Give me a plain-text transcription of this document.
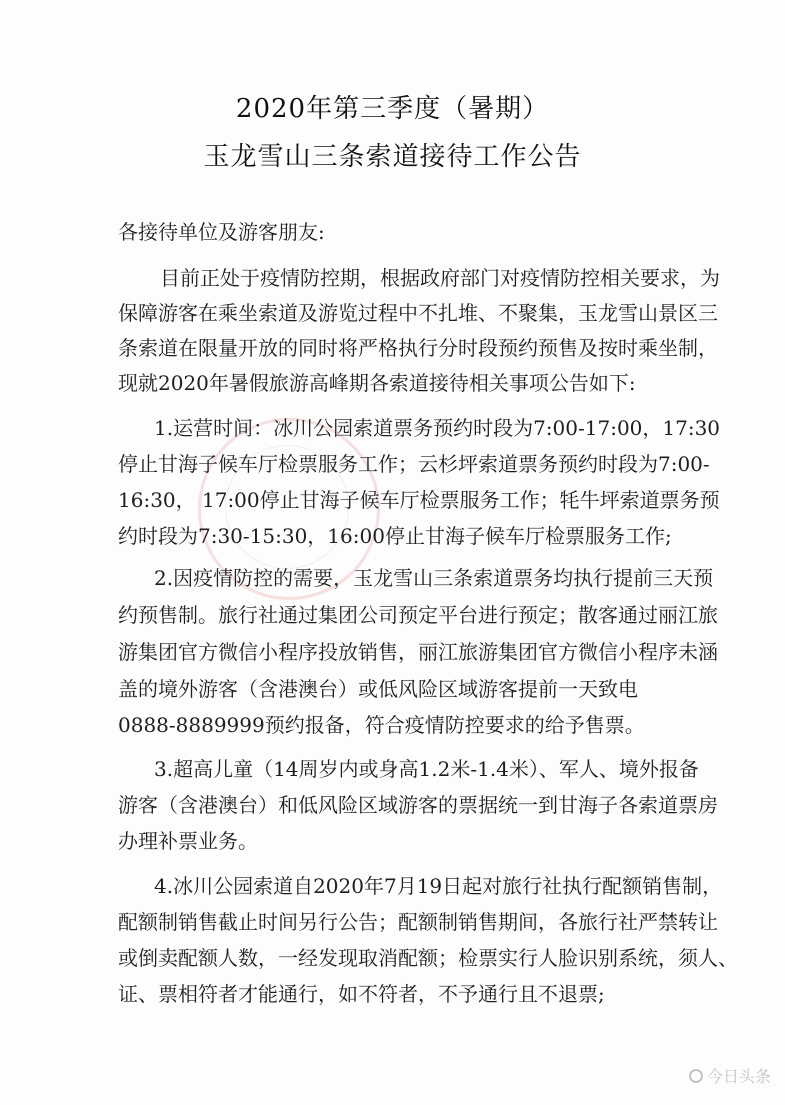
2020年第三季度（暑期）
玉龙雪山三条索道接待工作公告
各接待单位及游客朋友:
目前正处于疫情防控期，根据政府部门对疫情防控相关要求，为
保障游客在乘坐索道及游览过程中不扎堆、不聚集，玉龙雪山景区三
条索道在限量开放的同时将严格执行分时段预约预售及按时乘坐制，
现就2020年暑假旅游高峰期各索道接待相关事项公告如下:
1.运营时间：冰川公园索道票务预约时段为7:00-17:00，17:30
停止甘海子候车厅检票服务工作；云杉坪索道票务预约时段为7:00-
16:30， 17:00停止甘海子候车厅检票服务工作；牦牛坪索道票务预
约时段为7:30-15:30，16:00停止甘海子候车厅检票服务工作;
2.因疫情防控的需要，玉龙雪山三条索道票务均执行提前三天预
约预售制。旅行社通过集团公司预定平台进行预定；散客通过丽江旅
游集团官方微信小程序投放销售，丽江旅游集团官方微信小程序未涵
盖的境外游客（含港澳台）或低风险区域游客提前一天致电
0888-8889999预约报备，符合疫情防控要求的给予售票。
3.超高儿童（14周岁内或身高1.2米-1.4米）、军人、境外报备
游客（含港澳台）和低风险区域游客的票据统一到甘海子各索道票房
办理补票业务。
4.冰川公园索道自2020年7月19日起对旅行社执行配额销售制，
配额制销售截止时间另行公告；配额制销售期间，各旅行社严禁转让
或倒卖配额人数，一经发现取消配额；检票实行人脸识别系统，须人、
证、票相符者才能通行，如不符者，不予通行且不退票;
今日头条
